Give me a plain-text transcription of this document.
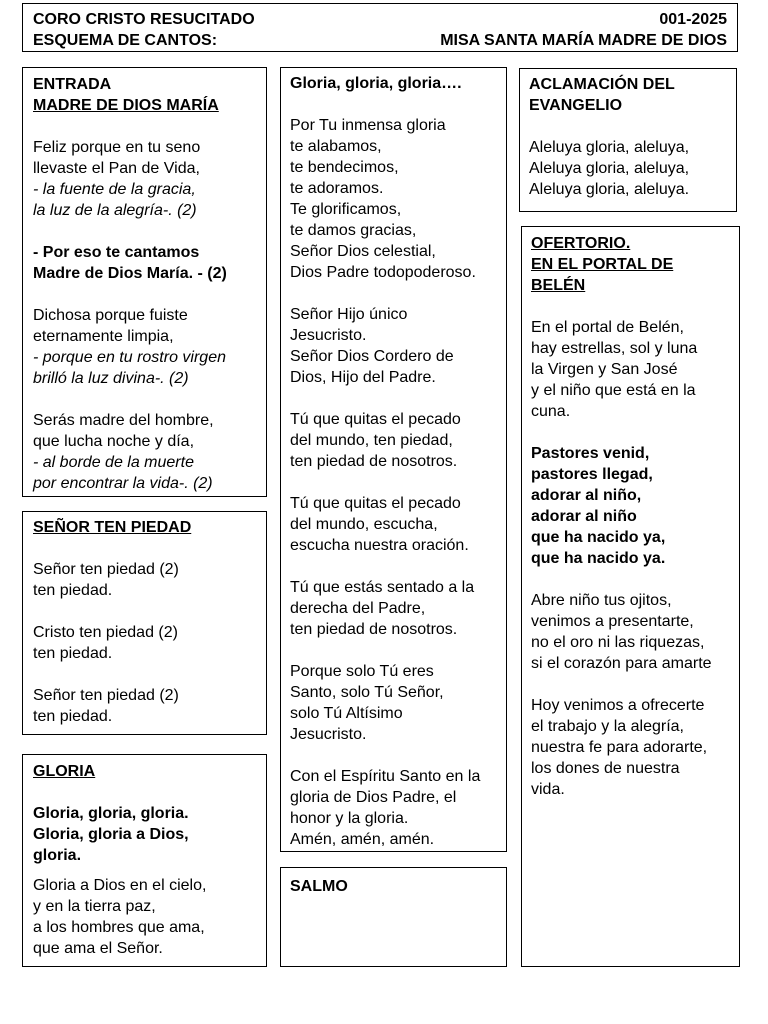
CORO CRISTO RESUCITADO	001-2025
ESQUEMA DE CANTOS:	MISA SANTA MARÍA MADRE DE DIOS
ENTRADA
MADRE DE DIOS MARÍA
Feliz porque en tu seno
llevaste el Pan de Vida,
- la fuente de la gracia,
la luz de la alegría-. (2)
- Por eso te cantamos
Madre de Dios María. - (2)
Dichosa porque fuiste
eternamente limpia,
- porque en tu rostro virgen
brilló la luz divina-. (2)
Serás madre del hombre,
que lucha noche y día,
- al borde de la muerte
por encontrar la vida-. (2)
SEÑOR TEN PIEDAD
Señor ten piedad (2)
ten piedad.
Cristo ten piedad (2)
ten piedad.
Señor ten piedad (2)
ten piedad.
GLORIA
Gloria, gloria, gloria.
Gloria, gloria a Dios,
gloria.
Gloria a Dios en el cielo,
y en la tierra paz,
a los hombres que ama,
que ama el Señor.
Gloria, gloria, gloria….
Por Tu inmensa gloria
te alabamos,
te bendecimos,
te adoramos.
Te glorificamos,
te damos gracias,
Señor Dios celestial,
Dios Padre todopoderoso.
Señor Hijo único
Jesucristo.
Señor Dios Cordero de
Dios, Hijo del Padre.
Tú que quitas el pecado
del mundo, ten piedad,
ten piedad de nosotros.
Tú que quitas el pecado
del mundo, escucha,
escucha nuestra oración.
Tú que estás sentado a la
derecha del Padre,
ten piedad de nosotros.
Porque solo Tú eres
Santo, solo Tú Señor,
solo Tú Altísimo
Jesucristo.
Con el Espíritu Santo en la
gloria de Dios Padre, el
honor y la gloria.
Amén, amén, amén.
SALMO
ACLAMACIÓN DEL
EVANGELIO
Aleluya gloria, aleluya,
Aleluya gloria, aleluya,
Aleluya gloria, aleluya.
OFERTORIO.
EN EL PORTAL DE
BELÉN
En el portal de Belén,
hay estrellas, sol y luna
la Virgen y San José
y el niño que está en la
cuna.
Pastores venid,
pastores llegad,
adorar al niño,
adorar al niño
que ha nacido ya,
que ha nacido ya.
Abre niño tus ojitos,
venimos a presentarte,
no el oro ni las riquezas,
si el corazón para amarte
Hoy venimos a ofrecerte
el trabajo y la alegría,
nuestra fe para adorarte,
los dones de nuestra
vida.
